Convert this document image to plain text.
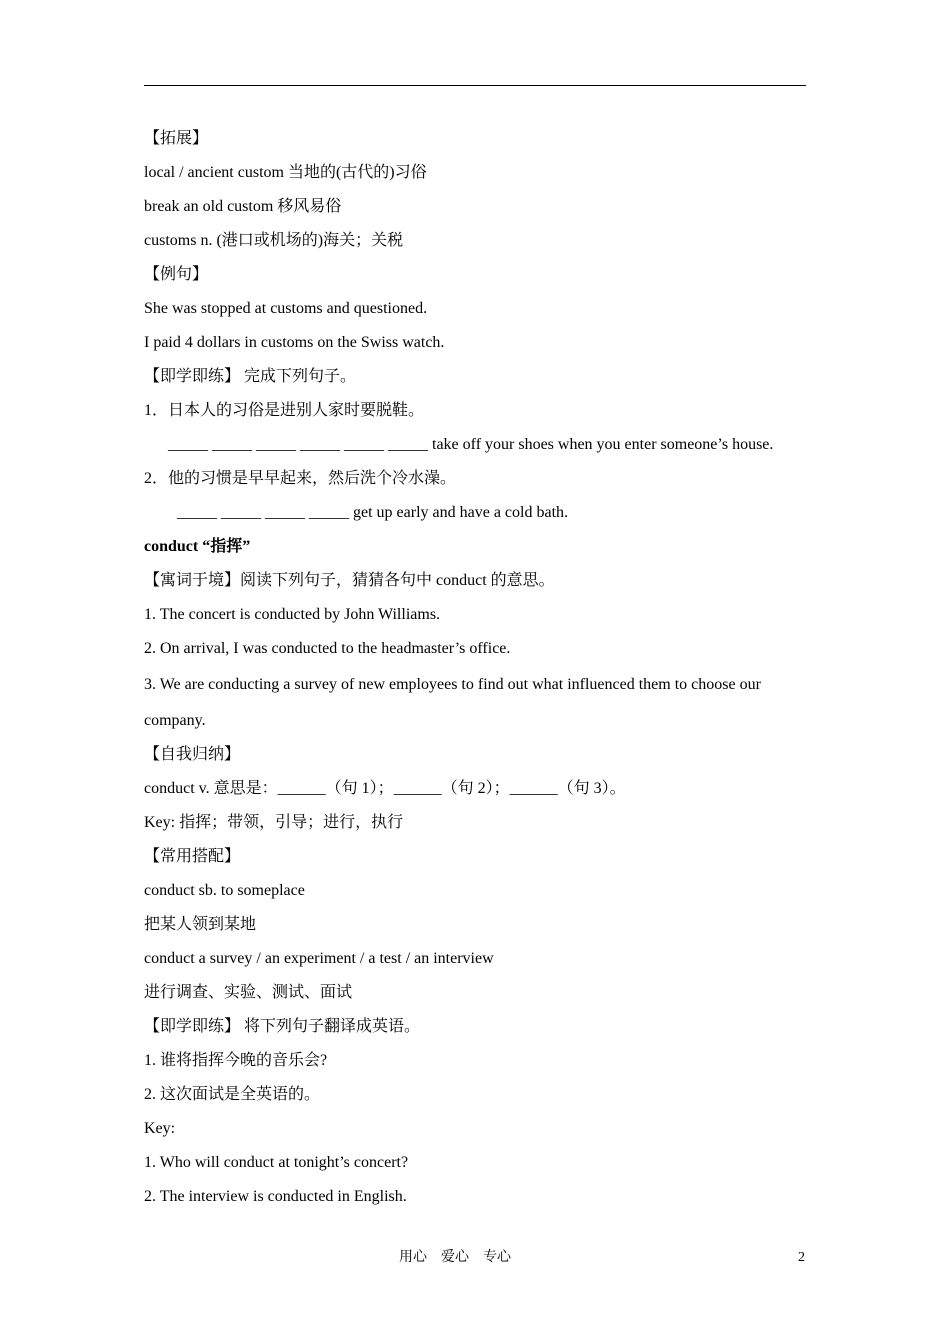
【拓展】
local / ancient custom 当地的(古代的)习俗
break an old custom 移风易俗
customs n. (港口或机场的)海关；关税
【例句】
She was stopped at customs and questioned.
I paid 4 dollars in customs on the Swiss watch.
【即学即练】 完成下列句子。
1．日本人的习俗是进别人家时要脱鞋。
_____ _____ _____ _____ _____ _____ take off your shoes when you enter someone’s house.
2．他的习惯是早早起来，然后洗个冷水澡。
_____ _____ _____ _____ get up early and have a cold bath.
conduct “指挥”
【寓词于境】阅读下列句子，猜猜各句中 conduct 的意思。
1. The concert is conducted by John Williams.
2. On arrival, I was conducted to the headmaster’s office.
3. We are conducting a survey of new employees to find out what influenced them to choose our
company.
【自我归纳】
conduct v. 意思是：______（句 1）；______（句 2）；______（句 3）。
Key: 指挥；带领，引导；进行，执行
【常用搭配】
conduct sb. to someplace
把某人领到某地
conduct a survey / an experiment / a test / an interview
进行调查、实验、测试、面试
【即学即练】 将下列句子翻译成英语。
1. 谁将指挥今晚的音乐会?
2. 这次面试是全英语的。
Key:
1. Who will conduct at tonight’s concert?
2. The interview is conducted in English.
用心    爱心    专心	2
